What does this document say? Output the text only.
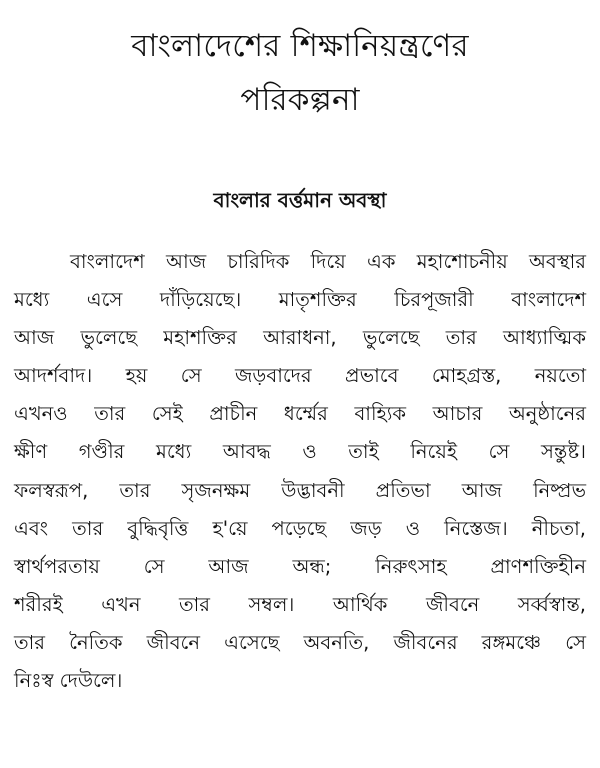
বাংলাদেশের শিক্ষানিয়ন্ত্রণের
পরিকল্পনা
বাংলার বর্ত্তমান অবস্থা
বাংলাদেশ আজ চারিদিক দিয়ে এক মহাশোচনীয় অবস্থার
মধ্যে এসে দাঁড়িয়েছে। মাতৃশক্তির চিরপূজারী বাংলাদেশ
আজ ভুলেছে মহাশক্তির আরাধনা, ভুলেছে তার আধ্যাত্মিক
আদর্শবাদ। হয় সে জড়বাদের প্রভাবে মোহগ্রস্ত, নয়তো
এখনও তার সেই প্রাচীন ধর্ম্মের বাহ্যিক আচার অনুষ্ঠানের
ক্ষীণ গণ্ডীর মধ্যে আবদ্ধ ও তাই নিয়েই সে সন্তুষ্ট।
ফলস্বরূপ, তার সৃজনক্ষম উদ্ভাবনী প্রতিভা আজ নিষ্প্রভ
এবং তার বুদ্ধিবৃত্তি হ'য়ে পড়েছে জড় ও নিস্তেজ। নীচতা,
স্বার্থপরতায় সে আজ অন্ধ; নিরুৎসাহ প্রাণশক্তিহীন
শরীরই এখন তার সম্বল। আর্থিক জীবনে সর্ব্বস্বান্ত,
তার নৈতিক জীবনে এসেছে অবনতি, জীবনের রঙ্গমঞ্চে সে
নিঃস্ব দেউলে।
